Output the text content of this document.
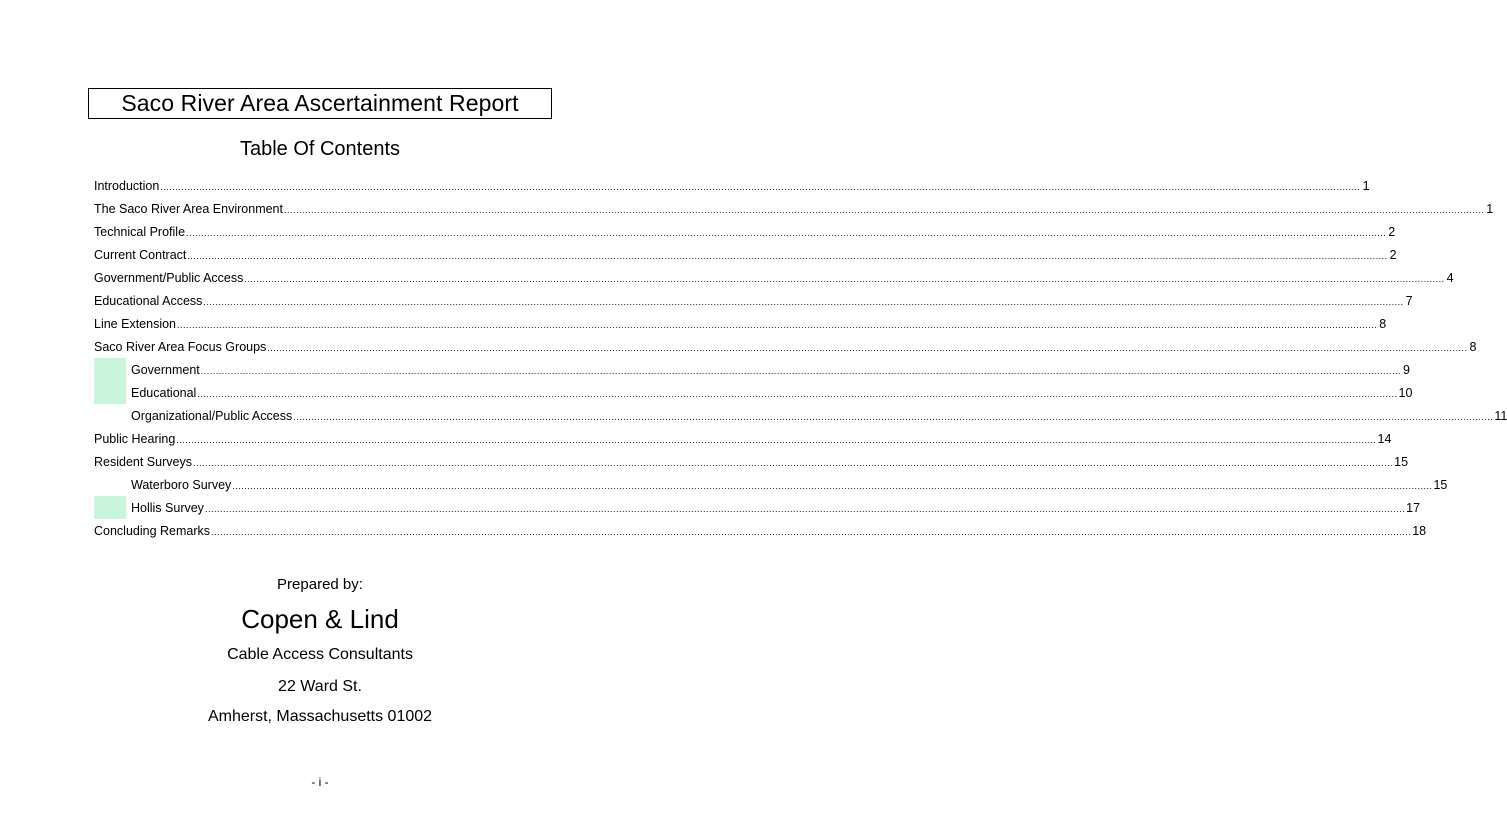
Saco River Area Ascertainment Report
Table Of Contents
Introduction ................................................................................................................................................................................................................................................................................................................................................................................................................ 1
The Saco River Area Environment ................................................................................................................................................................................................................................................................................................................................................................................................................ 1
Technical Profile ................................................................................................................................................................................................................................................................................................................................................................................................................ 2
Current Contract ................................................................................................................................................................................................................................................................................................................................................................................................................ 2
Government/Public Access ................................................................................................................................................................................................................................................................................................................................................................................................................ 4
Educational Access ................................................................................................................................................................................................................................................................................................................................................................................................................ 7
Line Extension ................................................................................................................................................................................................................................................................................................................................................................................................................ 8
Saco River Area Focus Groups ................................................................................................................................................................................................................................................................................................................................................................................................................ 8
Government ................................................................................................................................................................................................................................................................................................................................................................................................................ 9
Educational ................................................................................................................................................................................................................................................................................................................................................................................................................ 10
Organizational/Public Access ................................................................................................................................................................................................................................................................................................................................................................................................................ 11
Public Hearing ................................................................................................................................................................................................................................................................................................................................................................................................................ 14
Resident Surveys ................................................................................................................................................................................................................................................................................................................................................................................................................ 15
Waterboro Survey ................................................................................................................................................................................................................................................................................................................................................................................................................ 15
Hollis Survey ................................................................................................................................................................................................................................................................................................................................................................................................................ 17
Concluding Remarks ................................................................................................................................................................................................................................................................................................................................................................................................................ 18
Prepared by:
Copen & Lind
Cable Access Consultants
22 Ward St.
Amherst, Massachusetts 01002
- i -
